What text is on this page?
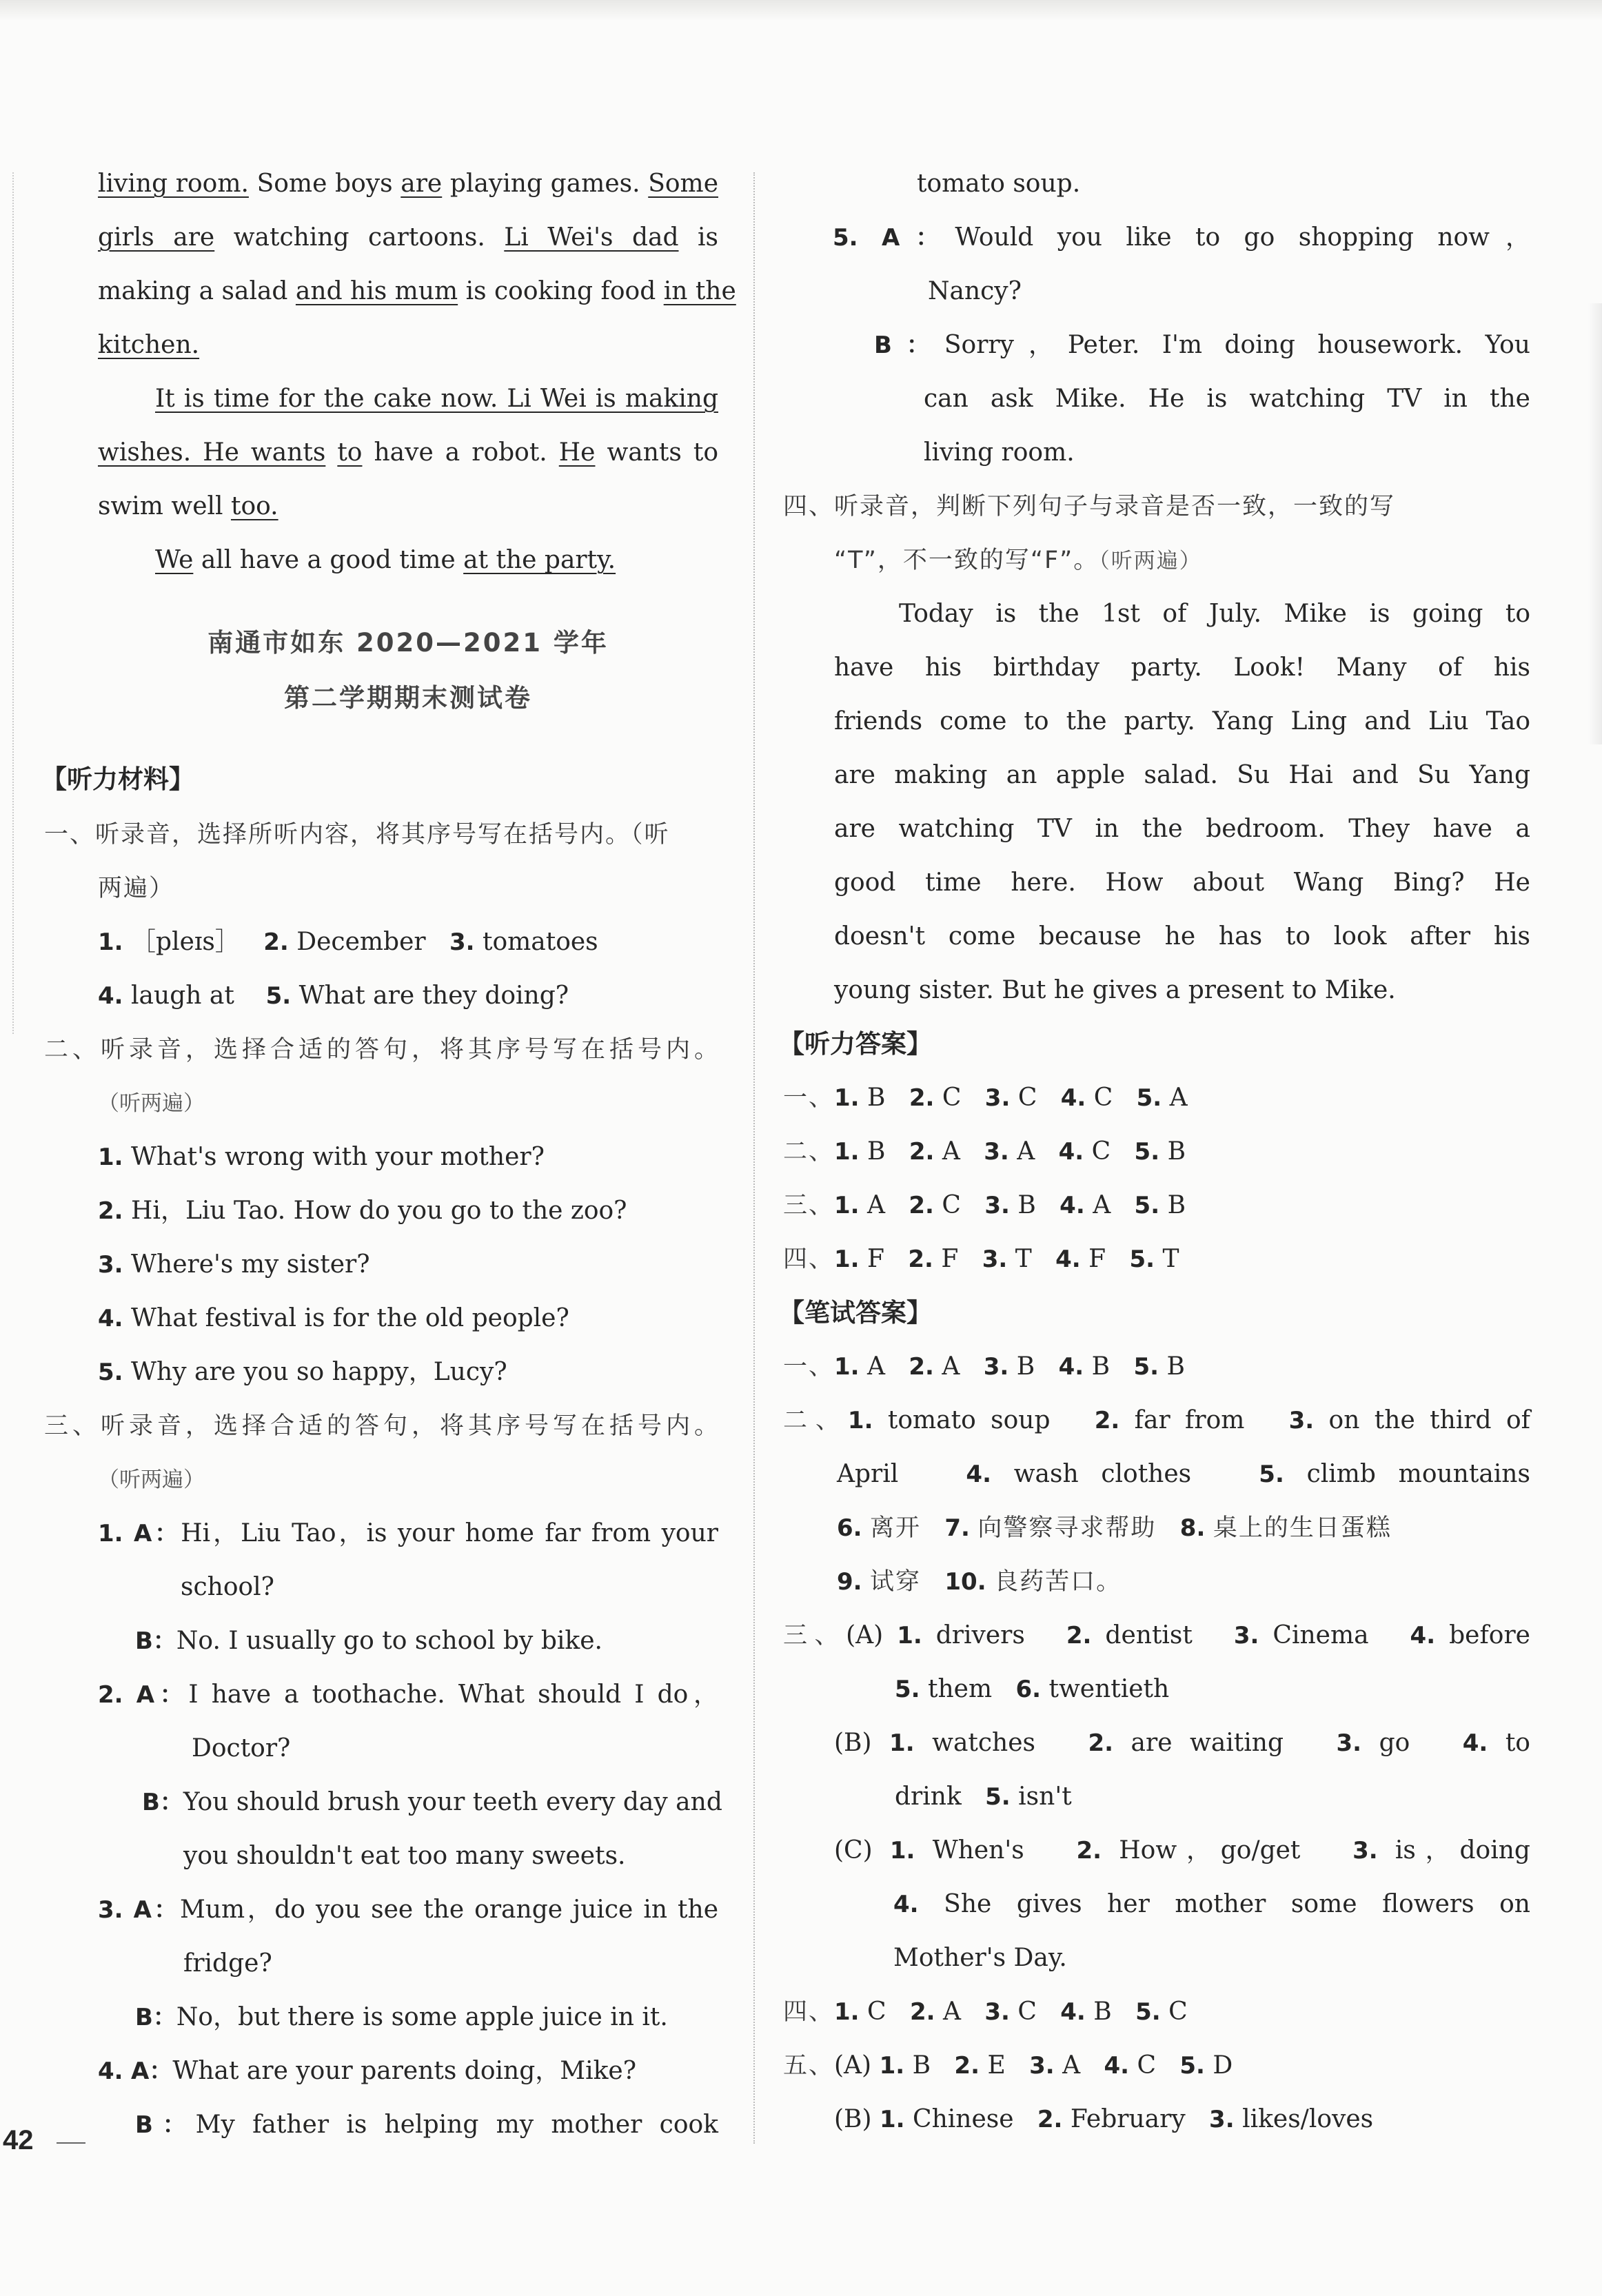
living room. Some boys are playing games. Some
girls are watching cartoons. Li Wei's dad is
making a salad and his mum is cooking food in the
kitchen.
It is time for the cake now. Li Wei is making
wishes. He wants to have a robot. He wants to
swim well too.
We all have a good time at the party.
南通市如东 2020—2021 学年
第二学期期末测试卷
【听力材料】
一、听录音，选择所听内容，将其序号写在括号内。（听
两遍）
1. ［pleɪs］ 2. December 3. tomatoes
4. laugh at 5. What are they doing?
二、听录音，选择合适的答句，将其序号写在括号内。
（听两遍）
1. What's wrong with your mother?
2. Hi，Liu Tao. How do you go to the zoo?
3. Where's my sister?
4. What festival is for the old people?
5. Why are you so happy，Lucy?
三、听录音，选择合适的答句，将其序号写在括号内。
（听两遍）
1. A：Hi，Liu Tao，is your home far from your
school?
B：No. I usually go to school by bike.
2. A：I have a toothache. What should I do，
Doctor?
B：You should brush your teeth every day and
you shouldn't eat too many sweets.
3. A：Mum，do you see the orange juice in the
fridge?
B：No，but there is some apple juice in it.
4. A：What are your parents doing，Mike?
B：My father is helping my mother cook
42
tomato soup.
5. A：Would you like to go shopping now，
Nancy?
B：Sorry，Peter. I'm doing housework. You
can ask Mike. He is watching TV in the
living room.
四、听录音，判断下列句子与录音是否一致，一致的写
“T”，不一致的写“F”。（听两遍）
Today is the 1st of July. Mike is going to
have his birthday party. Look! Many of his
friends come to the party. Yang Ling and Liu Tao
are making an apple salad. Su Hai and Su Yang
are watching TV in the bedroom. They have a
good time here. How about Wang Bing? He
doesn't come because he has to look after his
young sister. But he gives a present to Mike.
【听力答案】
一、1. B 2. C 3. C 4. C 5. A
二、1. B 2. A 3. A 4. C 5. B
三、1. A 2. C 3. B 4. A 5. B
四、1. F 2. F 3. T 4. F 5. T
【笔试答案】
一、1. A 2. A 3. B 4. B 5. B
二、1. tomato soup 2. far from 3. on the third of
April	4. wash clothes	5. climb mountains
6. 离开 7. 向警察寻求帮助 8. 桌上的生日蛋糕
9. 试穿 10. 良药苦口。
三、(A) 1. drivers 2. dentist 3. Cinema 4. before
5. them 6. twentieth
(B) 1. watches 2. are waiting 3. go 4. to
drink 5. isn't
(C) 1. When's 2. How，go/get 3. is，doing
4. She gives her mother some flowers on
Mother's Day.
四、1. C 2. A 3. C 4. B 5. C
五、(A) 1. B 2. E 3. A 4. C 5. D
(B) 1. Chinese 2. February 3. likes/loves
